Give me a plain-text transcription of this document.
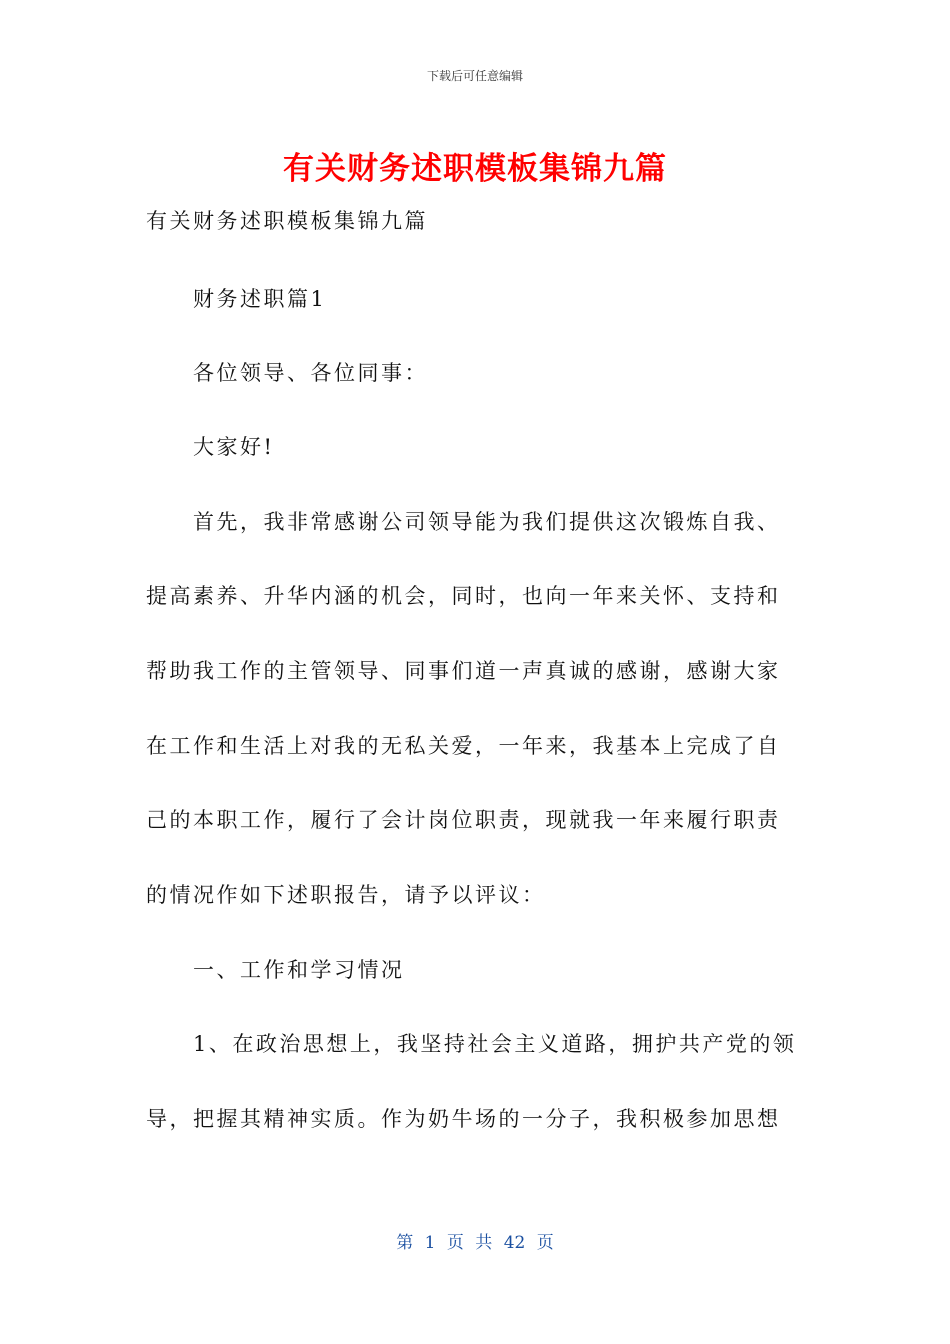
下载后可任意编辑
有关财务述职模板集锦九篇
有关财务述职模板集锦九篇
财务述职篇1
各位领导、各位同事：
大家好!
首先，我非常感谢公司领导能为我们提供这次锻炼自我、
提高素养、升华内涵的机会，同时，也向一年来关怀、支持和
帮助我工作的主管领导、同事们道一声真诚的感谢，感谢大家
在工作和生活上对我的无私关爱，一年来，我基本上完成了自
己的本职工作，履行了会计岗位职责，现就我一年来履行职责
的情况作如下述职报告，请予以评议：
一、工作和学习情况
1、在政治思想上，我坚持社会主义道路，拥护共产党的领
导，把握其精神实质。作为奶牛场的一分子，我积极参加思想
第 1 页 共 42 页
